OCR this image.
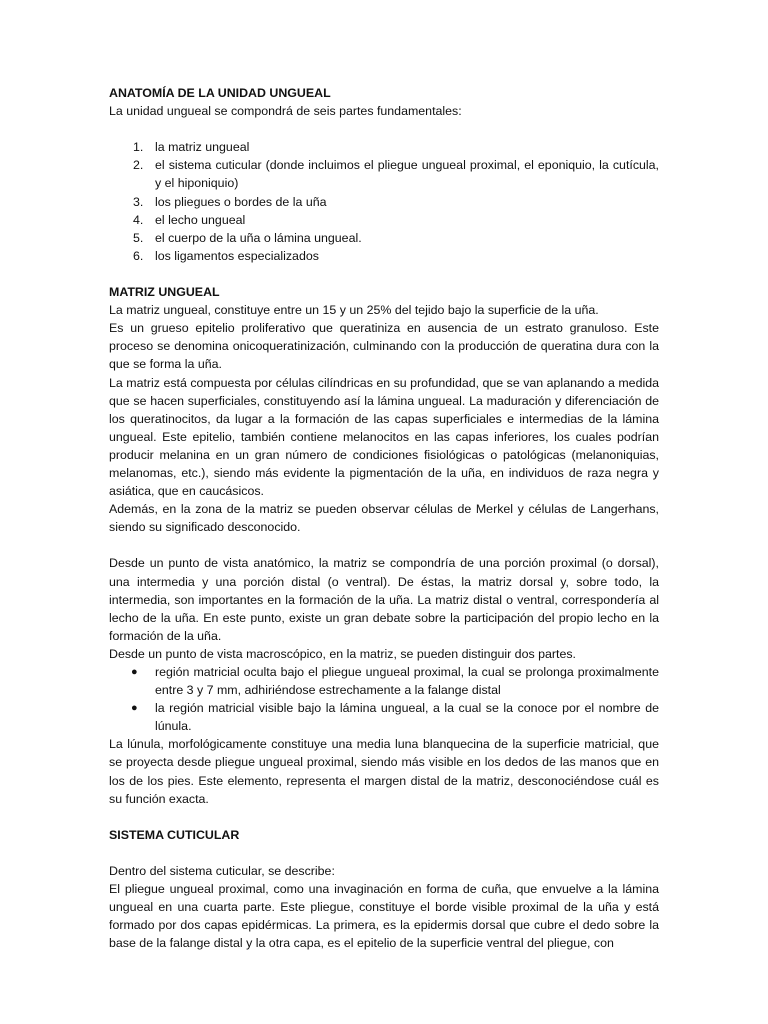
ANATOMÍA DE LA UNIDAD UNGUEAL

La unidad ungueal se compondrá de seis partes fundamentales:

1. la matriz ungueal
2. el sistema cuticular (donde incluimos el pliegue ungueal proximal, el eponiquio, la cutícula, y el hiponiquio)
3. los pliegues o bordes de la uña
4. el lecho ungueal
5. el cuerpo de la uña o lámina ungueal.
6. los ligamentos especializados

MATRIZ UNGUEAL

La matriz ungueal, constituye entre un 15 y un 25% del tejido bajo la superficie de la uña.

Es un grueso epitelio proliferativo que queratiniza en ausencia de un estrato granuloso. Este proceso se denomina onicoqueratinización, culminando con la producción de queratina dura con la que se forma la uña.

La matriz está compuesta por células cilíndricas en su profundidad, que se van aplanando a medida que se hacen superficiales, constituyendo así la lámina ungueal. La maduración y diferenciación de los queratinocitos, da lugar a la formación de las capas superficiales e intermedias de la lámina ungueal. Este epitelio, también contiene melanocitos en las capas inferiores, los cuales podrían producir melanina en un gran número de condiciones fisiológicas o patológicas (melanoniquias, melanomas, etc.), siendo más evidente la pigmentación de la uña, en individuos de raza negra y asiática, que en caucásicos.

Además, en la zona de la matriz se pueden observar células de Merkel y células de Langerhans, siendo su significado desconocido.

Desde un punto de vista anatómico, la matriz se compondría de una porción proximal (o dorsal), una intermedia y una porción distal (o ventral). De éstas, la matriz dorsal y, sobre todo, la intermedia, son importantes en la formación de la uña. La matriz distal o ventral, correspondería al lecho de la uña. En este punto, existe un gran debate sobre la participación del propio lecho en la formación de la uña.

Desde un punto de vista macroscópico, en la matriz, se pueden distinguir dos partes.

● región matricial oculta bajo el pliegue ungueal proximal, la cual se prolonga proximalmente entre 3 y 7 mm, adhiriéndose estrechamente a la falange distal
● la región matricial visible bajo la lámina ungueal, a la cual se la conoce por el nombre de lúnula.

La lúnula, morfológicamente constituye una media luna blanquecina de la superficie matricial, que se proyecta desde pliegue ungueal proximal, siendo más visible en los dedos de las manos que en los de los pies. Este elemento, representa el margen distal de la matriz, desconociéndose cuál es su función exacta.

SISTEMA CUTICULAR

Dentro del sistema cuticular, se describe:

El pliegue ungueal proximal, como una invaginación en forma de cuña, que envuelve a la lámina ungueal en una cuarta parte. Este pliegue, constituye el borde visible proximal de la uña y está formado por dos capas epidérmicas. La primera, es la epidermis dorsal que cubre el dedo sobre la base de la falange distal y la otra capa, es el epitelio de la superficie ventral del pliegue, con
